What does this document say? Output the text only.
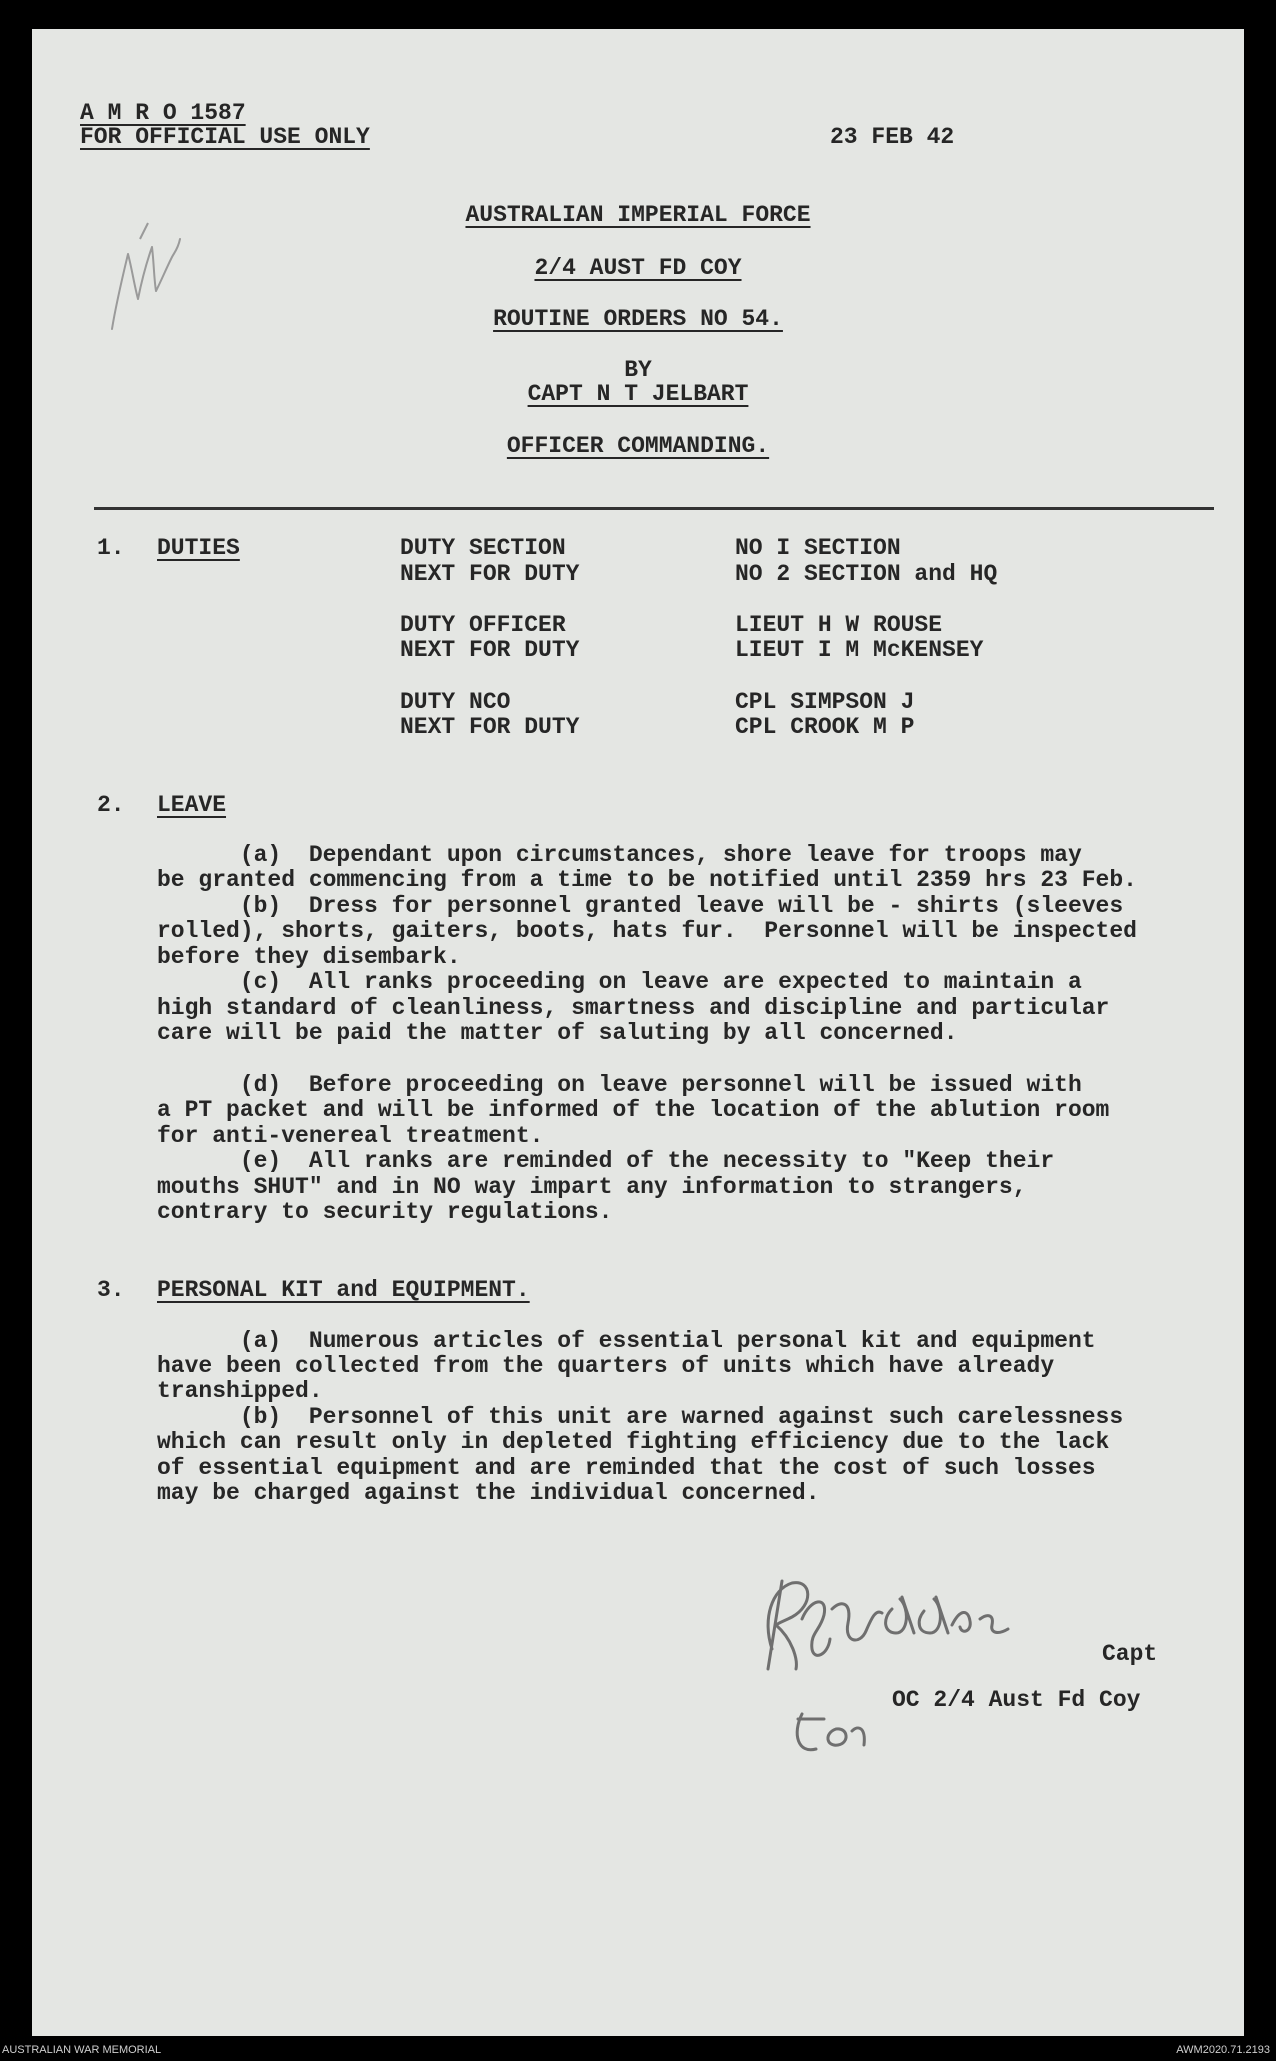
A M R O 1587
FOR OFFICIAL USE ONLY	23 FEB 42
AUSTRALIAN IMPERIAL FORCE
2/4 AUST FD COY
ROUTINE ORDERS NO 54.
BY
CAPT N T JELBART
OFFICER COMMANDING.
1. DUTIES	DUTY SECTION	NO I SECTION
NEXT FOR DUTY	NO 2 SECTION and HQ
DUTY OFFICER	LIEUT H W ROUSE
NEXT FOR DUTY	LIEUT I M McKENSEY
DUTY NCO	CPL SIMPSON J
NEXT FOR DUTY	CPL CROOK M P
2. LEAVE
(a)  Dependant upon circumstances, shore leave for troops may
be granted commencing from a time to be notified until 2359 hrs 23 Feb.
(b)  Dress for personnel granted leave will be - shirts (sleeves
rolled), shorts, gaiters, boots, hats fur.  Personnel will be inspected
before they disembark.
(c)  All ranks proceeding on leave are expected to maintain a
high standard of cleanliness, smartness and discipline and particular
care will be paid the matter of saluting by all concerned.
(d)  Before proceeding on leave personnel will be issued with
a PT packet and will be informed of the location of the ablution room
for anti-venereal treatment.
(e)  All ranks are reminded of the necessity to "Keep their
mouths SHUT" and in NO way impart any information to strangers,
contrary to security regulations.
3. PERSONAL KIT and EQUIPMENT.
(a)  Numerous articles of essential personal kit and equipment
have been collected from the quarters of units which have already
transhipped.
(b)  Personnel of this unit are warned against such carelessness
which can result only in depleted fighting efficiency due to the lack
of essential equipment and are reminded that the cost of such losses
may be charged against the individual concerned.
Capt
OC 2/4 Aust Fd Coy
AUSTRALIAN WAR MEMORIAL	AWM2020.71.2193
